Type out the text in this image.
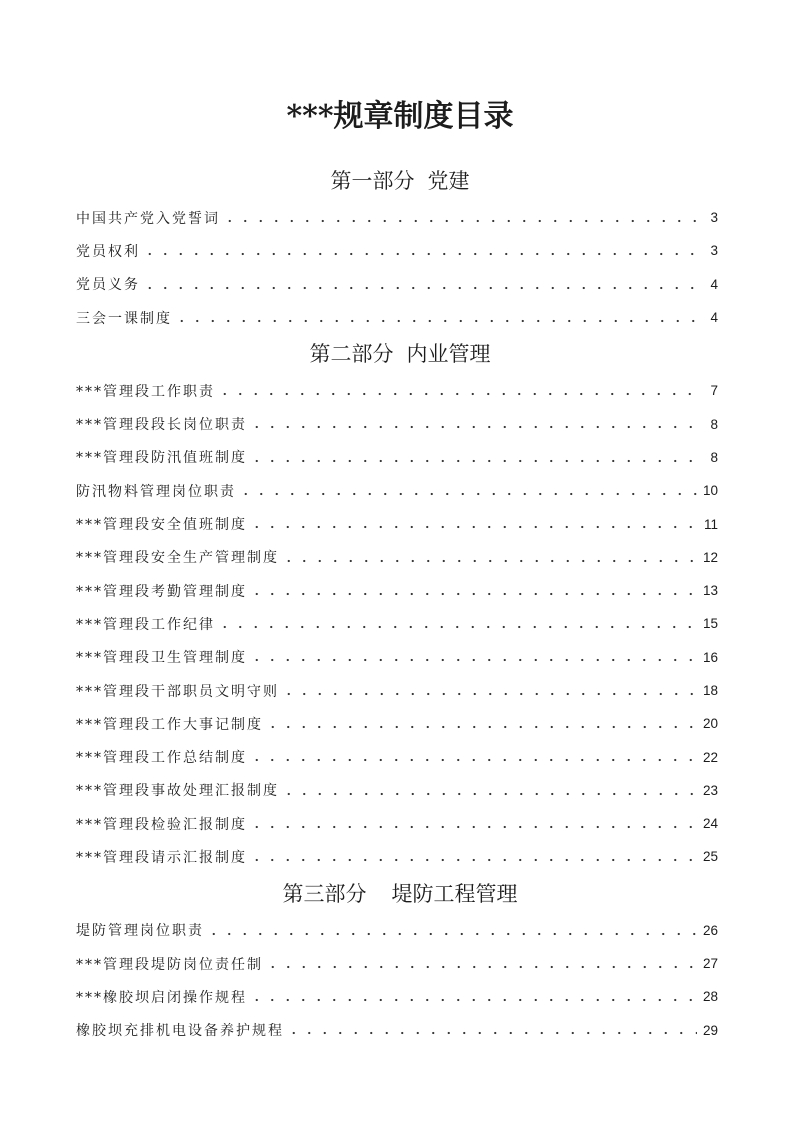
***规章制度目录
第一部分 党建
中国共产党入党誓词	3
党员权利	3
党员义务	4
三会一课制度	4
第二部分 内业管理
***管理段工作职责	7
***管理段段长岗位职责	8
***管理段防汛值班制度	8
防汛物料管理岗位职责	10
***管理段安全值班制度	11
***管理段安全生产管理制度	12
***管理段考勤管理制度	13
***管理段工作纪律	15
***管理段卫生管理制度	16
***管理段干部职员文明守则	18
***管理段工作大事记制度	20
***管理段工作总结制度	22
***管理段事故处理汇报制度	23
***管理段检验汇报制度	24
***管理段请示汇报制度	25
第三部分 堤防工程管理
堤防管理岗位职责	26
***管理段堤防岗位责任制	27
***橡胶坝启闭操作规程	28
橡胶坝充排机电设备养护规程	29
